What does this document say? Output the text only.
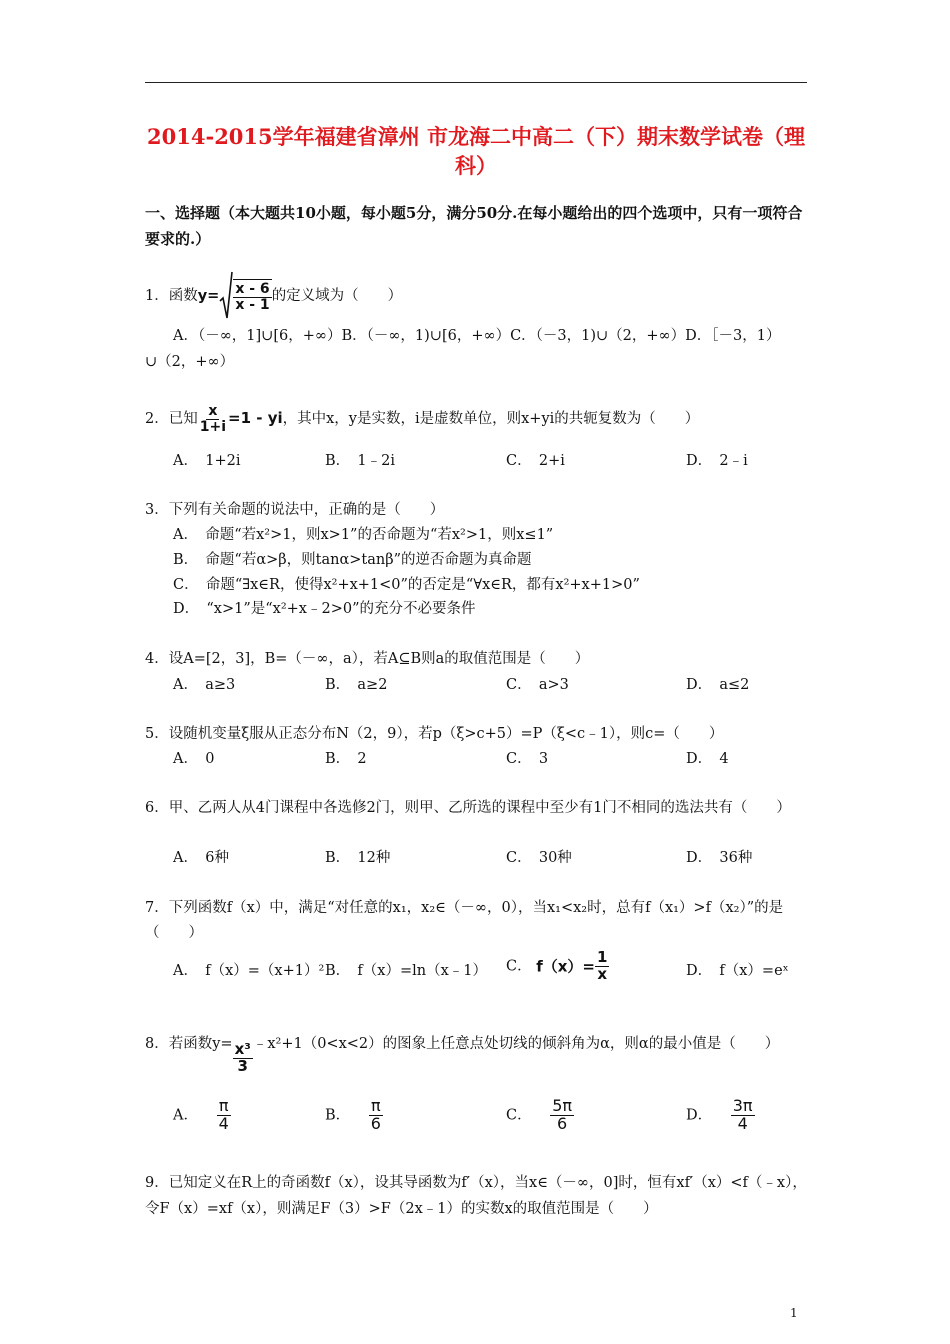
2014-2015学年福建省漳州 市龙海二中高二（下）期末数学试卷（理科）
一、选择题（本大题共10小题，每小题5分，满分50分.在每小题给出的四个选项中，只有一项符合要求的.）
1．函数$y= \frac{x - 6}{x - 1}$ 的定义域为（　　）
A．（－∞，1]∪[6，+∞）B．（－∞，1)∪[6，+∞）C．（－3，1)∪（2，+∞）D．［－3，1）∪（2，+∞）
2．已知 $\frac{x}{1+i} =1$ - yi，其中x，y是实数，i是虚数单位，则x+yi的共轭复数为（　　）
A．　1+2i	B．　1﹣2i	C．　2+i	D．　2﹣i
3．下列有关命题的说法中，正确的是（　　）
A．　命题“若x²>1，则x>1”的否命题为“若x²>1，则x≤1”
B．　命题“若α>β，则tanα>tanβ”的逆否命题为真命题
C．　命题“∃x∈R，使得x²+x+1<0”的否定是“∀x∈R，都有x²+x+1>0”
D．　“x>1”是“x²+x﹣2>0”的充分不必要条件
4．设A=[2，3]，B=（－∞，a），若A⊆B则a的取值范围是（　　）
A．　a≥3	B．　a≥2	C．　a>3	D．　a≤2
5．设随机变量ξ服从正态分布N（2，9），若p（ξ>c+5）=P（ξ<c﹣1），则c=（　　）
A．　0	B．　2	C．　3	D．　4
6．甲、乙两人从4门课程中各选修2门，则甲、乙所选的课程中至少有1门不相同的选法共有（　　）
A．　6种	B．　12种	C．　30种	D．　36种
7．下列函数f（x）中，满足“对任意的x₁，x₂∈（－∞，0），当x₁<x₂时，总有f（x₁）>f（x₂）”的是（　　）
A．　f（x）=（x+1）² B．　f（x）=ln（x﹣1） C． $f(x)= \frac{1}{x}$	D．　f（x）=eˣ
8．若函数$y= \frac{\text{x³}}{3}$ ﹣x²+1（0<x<2）的图象上任意点处切线的倾斜角为α，则α的最小值是（　　）
A． $\frac{\pi}{4}$	B． $\frac{\pi}{6}$	C． $\frac{5\pi}{6}$	D． $\frac{3\pi}{4}$
9．已知定义在R上的奇函数f（x），设其导函数为f′（x），当x∈（－∞，0]时，恒有xf′（x）<f（﹣x），令F（x）=xf（x），则满足F（3）>F（2x﹣1）的实数x的取值范围是（　　）
1
